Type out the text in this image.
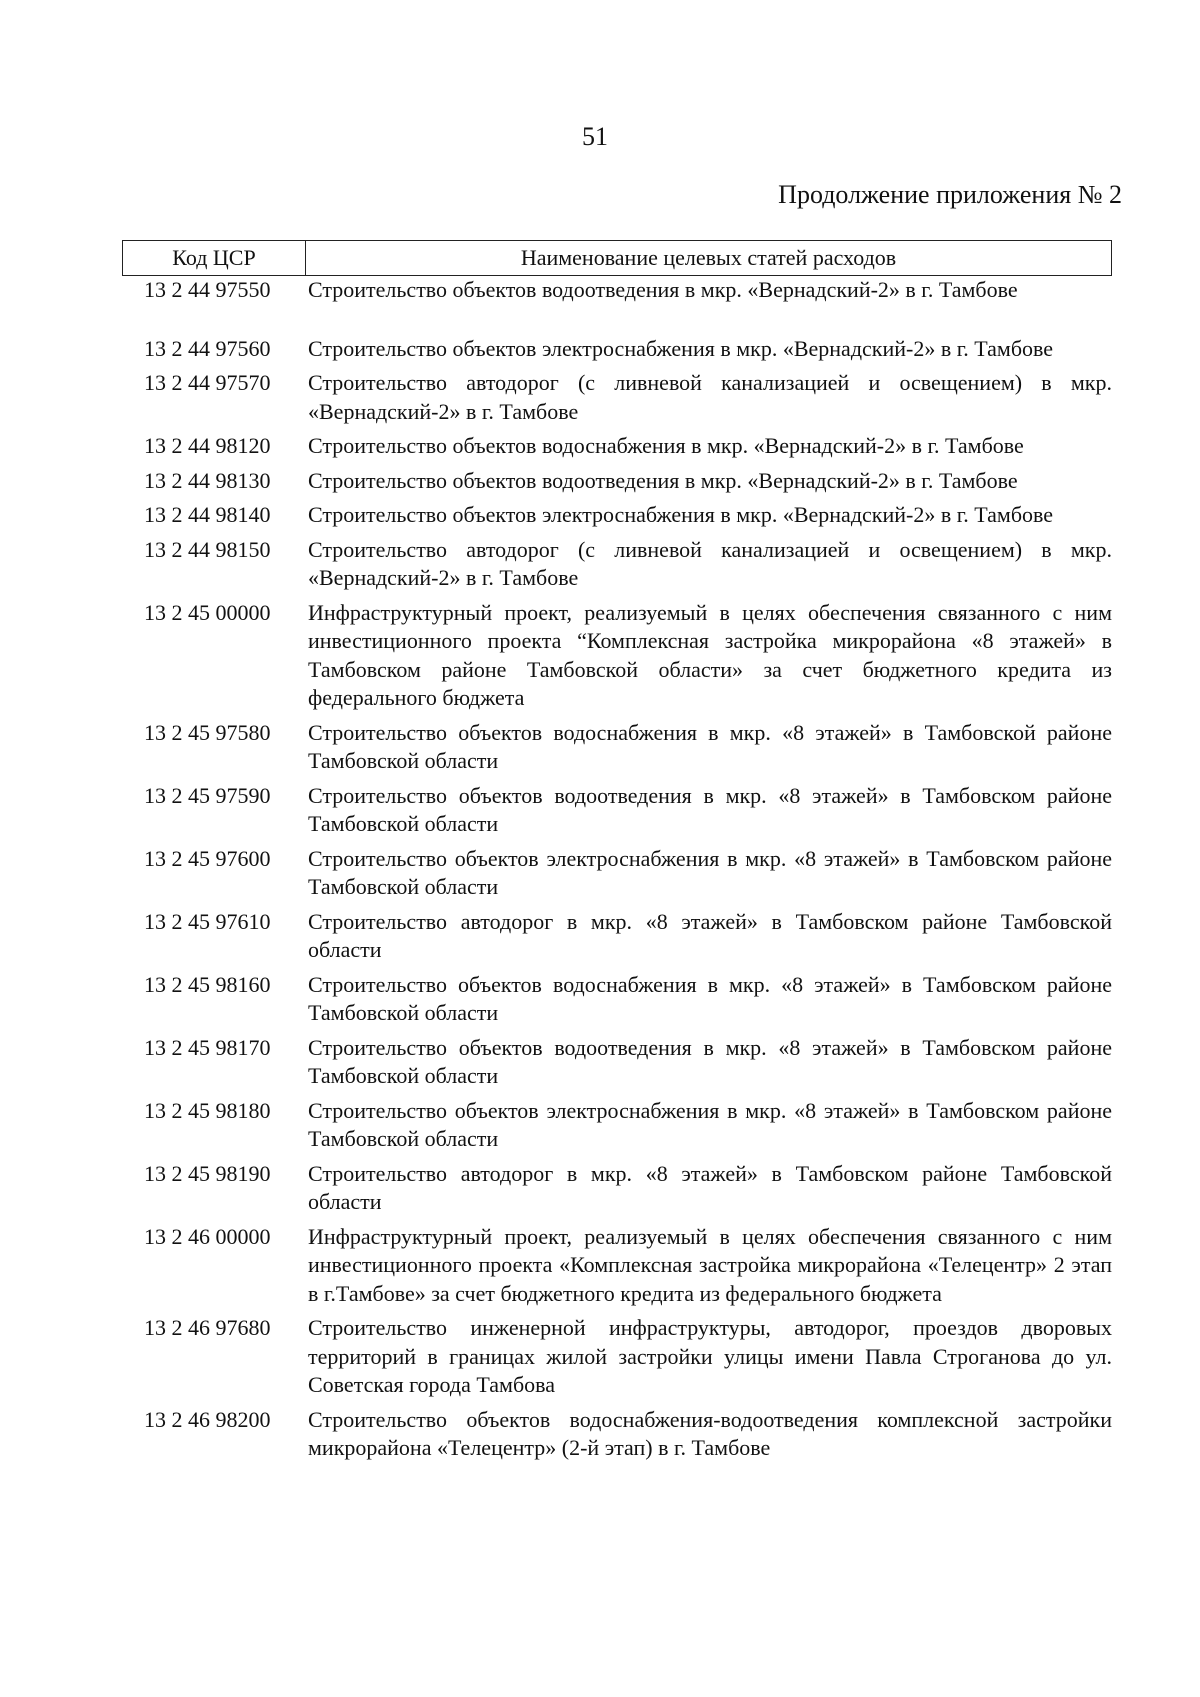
51
Продолжение приложения № 2
Код ЦСР	Наименование целевых статей расходов
13 2 44 97550	Строительство объектов водоотведения в мкр. «Вернадский-2» в г. Тамбове
13 2 44 97560	Строительство объектов электроснабжения в мкр. «Вернадский-2» в г. Тамбове
13 2 44 97570	Строительство автодорог (с ливневой канализацией и освещением) в мкр. «Вернадский-2» в г. Тамбове
13 2 44 98120	Строительство объектов водоснабжения в мкр. «Вернадский-2» в г. Тамбове
13 2 44 98130	Строительство объектов водоотведения в мкр. «Вернадский-2» в г. Тамбове
13 2 44 98140	Строительство объектов электроснабжения в мкр. «Вернадский-2» в г. Тамбове
13 2 44 98150	Строительство автодорог (с ливневой канализацией и освещением) в мкр. «Вернадский-2» в г. Тамбове
13 2 45 00000	Инфраструктурный проект, реализуемый в целях обеспечения связанного с ним инвестиционного проекта “Комплексная застройка микрорайона «8 этажей» в Тамбовском районе Тамбовской области» за счет бюджетного кредита из федерального бюджета
13 2 45 97580	Строительство объектов водоснабжения в мкр. «8 этажей» в Тамбовской районе Тамбовской области
13 2 45 97590	Строительство объектов водоотведения в мкр. «8 этажей» в Тамбовском районе Тамбовской области
13 2 45 97600	Строительство объектов электроснабжения в мкр. «8 этажей» в Тамбовском районе Тамбовской области
13 2 45 97610	Строительство автодорог в мкр. «8 этажей» в Тамбовском районе Тамбовской области
13 2 45 98160	Строительство объектов водоснабжения в мкр. «8 этажей» в Тамбовском районе Тамбовской области
13 2 45 98170	Строительство объектов водоотведения в мкр. «8 этажей» в Тамбовском районе Тамбовской области
13 2 45 98180	Строительство объектов электроснабжения в мкр. «8 этажей» в Тамбовском районе Тамбовской области
13 2 45 98190	Строительство автодорог в мкр. «8 этажей» в Тамбовском районе Тамбовской области
13 2 46 00000	Инфраструктурный проект, реализуемый в целях обеспечения связанного с ним инвестиционного проекта «Комплексная застройка микрорайона «Телецентр» 2 этап в г.Тамбове» за счет бюджетного кредита из федерального бюджета
13 2 46 97680	Строительство инженерной инфраструктуры, автодорог, проездов дворовых территорий в границах жилой застройки улицы имени Павла Строганова до ул. Советская города Тамбова
13 2 46 98200	Строительство объектов водоснабжения-водоотведения комплексной застройки микрорайона «Телецентр» (2-й этап) в г. Тамбове
